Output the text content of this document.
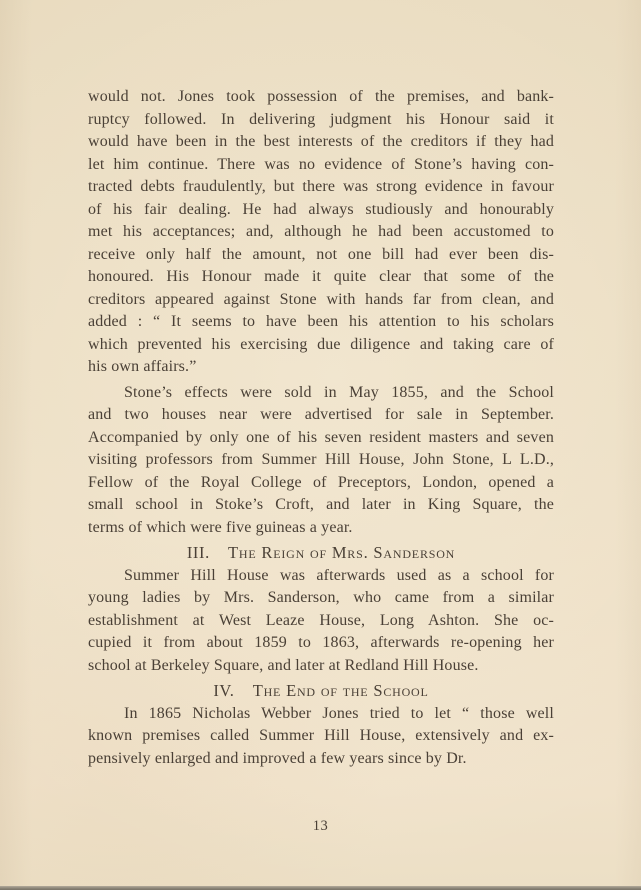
would not. Jones took possession of the premises, and bank-
ruptcy followed. In delivering judgment his Honour said it
would have been in the best interests of the creditors if they had
let him continue. There was no evidence of Stone’s having con-
tracted debts fraudulently, but there was strong evidence in favour
of his fair dealing. He had always studiously and honourably
met his acceptances; and, although he had been accustomed to
receive only half the amount, not one bill had ever been dis-
honoured. His Honour made it quite clear that some of the
creditors appeared against Stone with hands far from clean, and
added : “ It seems to have been his attention to his scholars
which prevented his exercising due diligence and taking care of
his own affairs.”
Stone’s effects were sold in May 1855, and the School
and two houses near were advertised for sale in September.
Accompanied by only one of his seven resident masters and seven
visiting professors from Summer Hill House, John Stone, L L.D.,
Fellow of the Royal College of Preceptors, London, opened a
small school in Stoke’s Croft, and later in King Square, the
terms of which were five guineas a year.
III. The Reign of Mrs. Sanderson
Summer Hill House was afterwards used as a school for
young ladies by Mrs. Sanderson, who came from a similar
establishment at West Leaze House, Long Ashton. She oc-
cupied it from about 1859 to 1863, afterwards re-opening her
school at Berkeley Square, and later at Redland Hill House.
IV. The End of the School
In 1865 Nicholas Webber Jones tried to let “ those well
known premises called Summer Hill House, extensively and ex-
pensively enlarged and improved a few years since by Dr.
13
